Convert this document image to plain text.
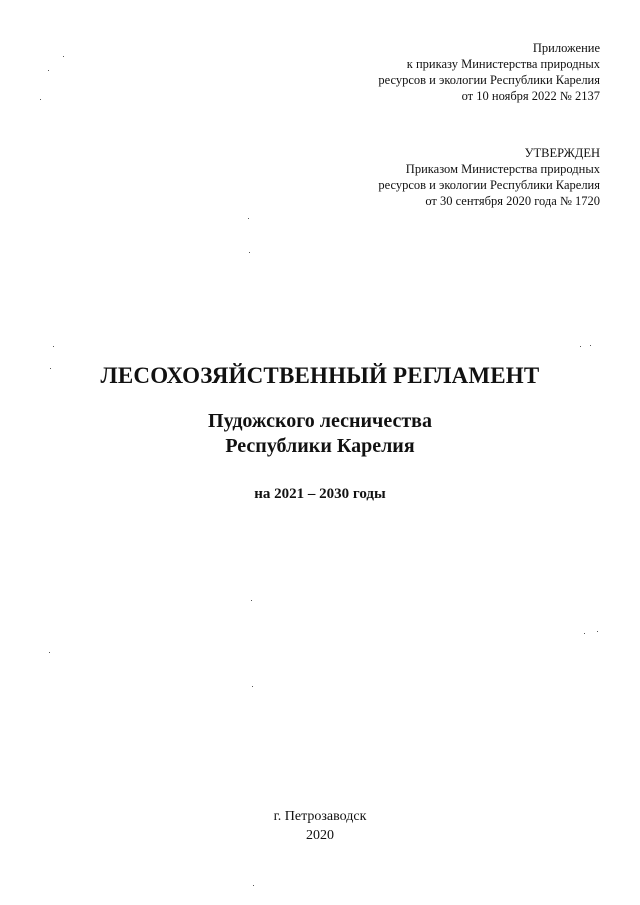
Приложение
к приказу Министерства природных
ресурсов и экологии Республики Карелия
от 10 ноября 2022 № 2137
УТВЕРЖДЕН
Приказом Министерства природных
ресурсов и экологии Республики Карелия
от 30 сентября 2020 года № 1720
ЛЕСОХОЗЯЙСТВЕННЫЙ РЕГЛАМЕНТ
Пудожского лесничества
Республики Карелия
на 2021 – 2030 годы
г. Петрозаводск
2020
